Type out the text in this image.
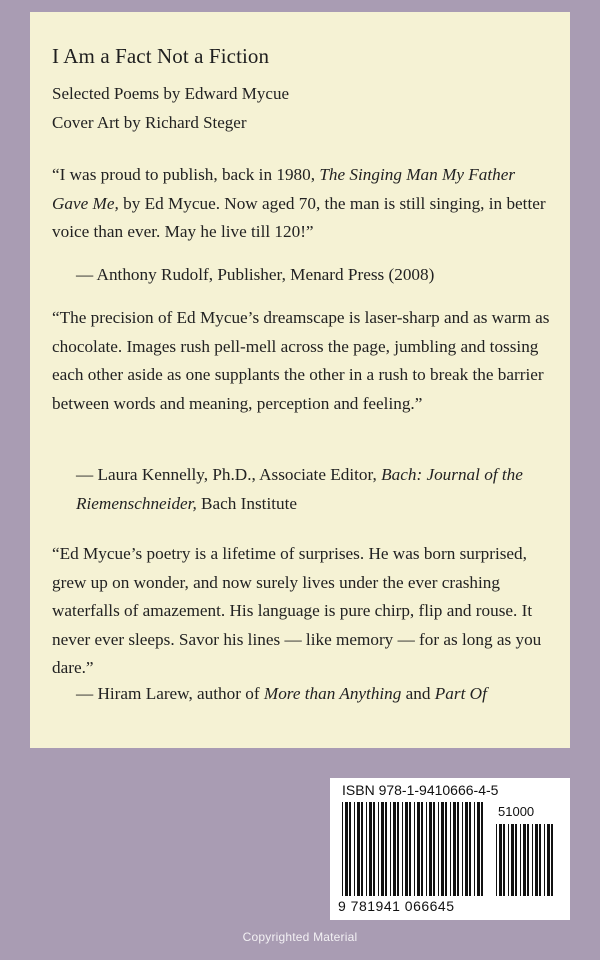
I Am a Fact Not a Fiction
Selected Poems by Edward Mycue
Cover Art by Richard Steger
“I was proud to publish, back in 1980, The Singing Man My Father Gave Me, by Ed Mycue. Now aged 70, the man is still singing, in better voice than ever. May he live till 120!”
— Anthony Rudolf, Publisher, Menard Press (2008)
“The precision of Ed Mycue’s dreamscape is laser-sharp and as warm as chocolate. Images rush pell-mell across the page, jumbling and tossing each other aside as one supplants the other in a rush to break the barrier between words and meaning, perception and feeling.”
— Laura Kennelly, Ph.D., Associate Editor, Bach: Journal of the Riemenschneider, Bach Institute
“Ed Mycue’s poetry is a lifetime of surprises. He was born surprised, grew up on wonder, and now surely lives under the ever crashing waterfalls of amazement. His language is pure chirp, flip and rouse. It never ever sleeps. Savor his lines — like memory — for as long as you dare.”
— Hiram Larew, author of More than Anything and Part Of
ISBN 978-1-9410666-4-5
51000
9 781941 066645
Copyrighted Material
